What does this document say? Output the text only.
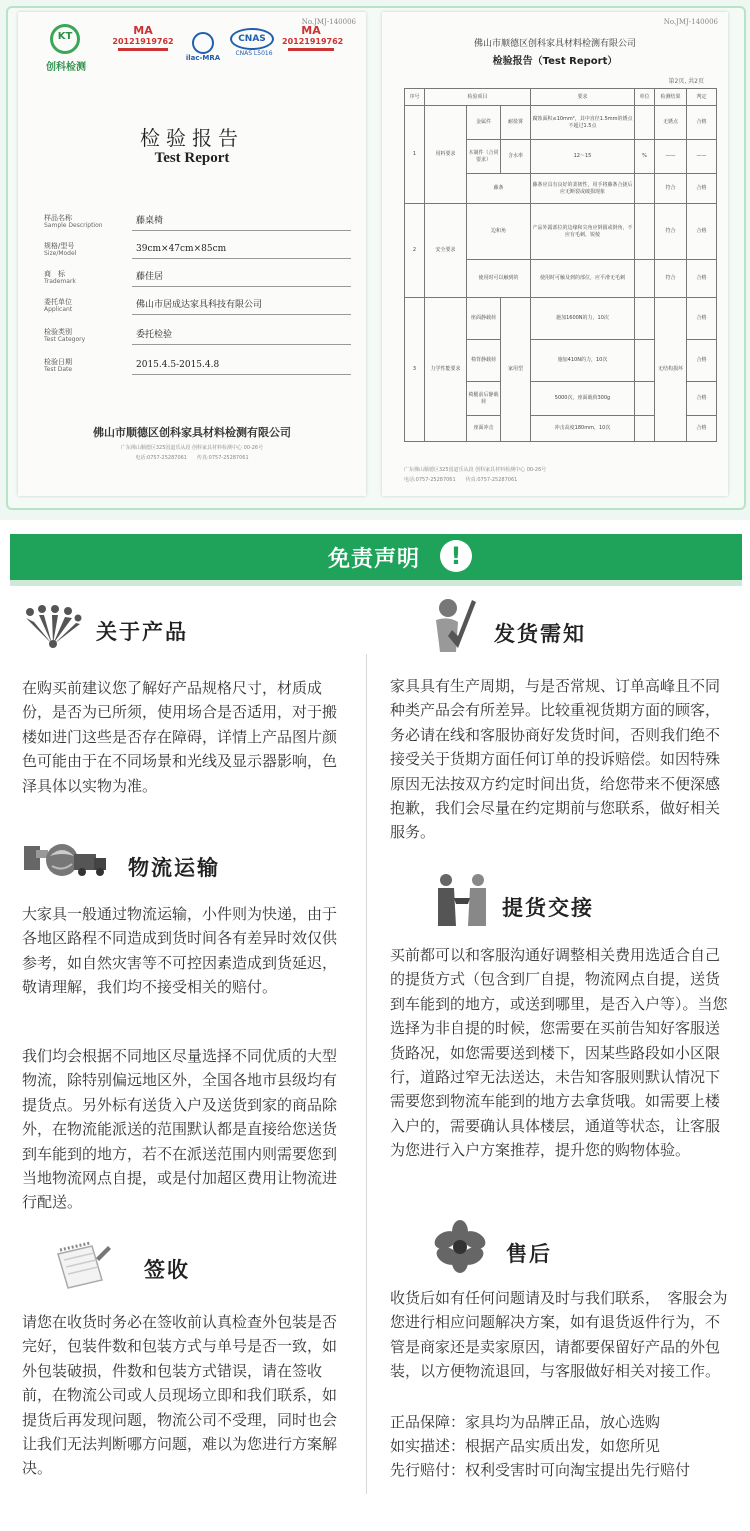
No.JMJ-140006
KT
创科检测
MA
20121919762
ilac-MRA
CNAS
CNAS L5016
MA
20121919762
检验报告
Test Report
样品名称
Sample Description	藤桌椅
规格/型号
Size/Model	39cm×47cm×85cm
商　标
Trademark	藤佳居
委托单位
Applicant	佛山市居成达家具科技有限公司
检验类别
Test Category	委托检验
检验日期
Test Date	2015.4.5-2015.4.8
佛山市顺德区创科家具材料检测有限公司
广东佛山顺德区325国道乐从段 创科家具材料检测中心 00-26号
电话:0757-25287061　　传真:0757-25287061
No.JMJ-140006
佛山市顺德区创科家具材料检测有限公司
检验报告（Test Report）
第2页, 共2页
序号	检验项目			要求	单位	检测结果	判定
1	用料要求	金属件	耐盐雾	腐蚀面积≤10mm²，其中直径1.5mm的锈点不超过1.5点		无锈点	合格
		木制件（合同要求）	含水率	12～15	%	——	——
		藤条		藤条应具有良好的柔韧性，用手将藤条合拢后应无断裂或破损现象		符合	合格
2	安全要求	边和角		产品外露部位的边缘和尖角应倒圆或倒角，不应有毛刺、锐棱		符合	合格
		使用时可以触到的		使用时可触及到的部位，应平滑无毛刺		符合	合格
3	力学性能要求	座面静载荷	家用型	施加1600N的力，10次		无结构损坏	合格
		椅背静载荷		施加410N的力，10次			合格
		椅腿前后静载荷		5000次，座面载荷300g			合格
		座面冲击		冲击高度180mm，10次			合格
广东佛山顺德区325国道乐从段 创科家具材料检测中心 00-26号
电话:0757-25287061　　传真:0757-25287061
免责声明	!
关于产品
在购买前建议您了解好产品规格尺寸，材质成份，是否为已所须，使用场合是否适用，对于搬楼如进门这些是否存在障碍，详情上产品图片颜色可能由于在不同场景和光线及显示器影响，色泽具体以实物为准。
物流运输
大家具一般通过物流运输，小件则为快递，由于各地区路程不同造成到货时间各有差异时效仅供参考，如自然灾害等不可控因素造成到货延迟，　敬请理解，我们均不接受相关的赔付。
我们均会根据不同地区尽量选择不同优质的大型物流，除特别偏远地区外，全国各地市县级均有提货点。另外标有送货入户及送货到家的商品除外，在物流能派送的范围默认都是直接给您送货到车能到的地方，若不在派送范围内则需要您到当地物流网点自提，或是付加超区费用让物流进行配送。
签收
请您在收货时务必在签收前认真检查外包装是否完好，包装件数和包装方式与单号是否一致，如外包装破损，件数和包装方式错误，请在签收前，在物流公司或人员现场立即和我们联系，如提货后再发现问题，物流公司不受理，同时也会让我们无法判断哪方问题，难以为您进行方案解决。
发货需知
家具具有生产周期，与是否常规、订单高峰且不同种类产品会有所差异。比较重视货期方面的顾客，务必请在线和客服协商好发货时间，否则我们绝不接受关于货期方面任何订单的投诉赔偿。如因特殊原因无法按双方约定时间出货，给您带来不便深感抱歉，我们会尽量在约定期前与您联系，做好相关服务。
提货交接
买前都可以和客服沟通好调整相关费用选适合自己的提货方式（包含到厂自提，物流网点自提，送货到车能到的地方，或送到哪里，是否入户等）。当您选择为非自提的时候，您需要在买前告知好客服送货路况，如您需要送到楼下，因某些路段如小区限行，道路过窄无法送达，未告知客服则默认情况下需要您到物流车能到的地方去拿货哦。如需要上楼入户的，需要确认具体楼层，通道等状态，让客服为您进行入户方案推荐，提升您的购物体验。
售后
收货后如有任何问题请及时与我们联系，　客服会为您进行相应问题解决方案，如有退货返件行为，不管是商家还是卖家原因，请都要保留好产品的外包装，以方便物流退回，与客服做好相关对接工作。
正品保障：家具均为品牌正品，放心选购
如实描述：根据产品实质出发，如您所见
先行赔付：权利受害时可向淘宝提出先行赔付
